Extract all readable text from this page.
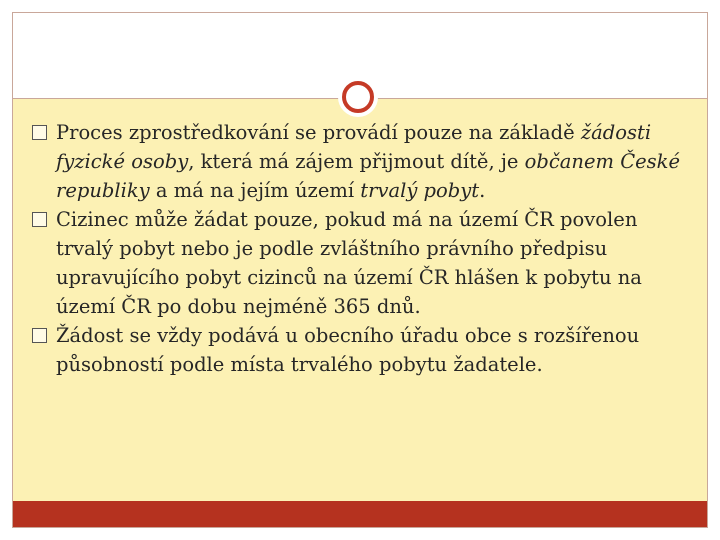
Proces zprostředkování se provádí pouze na základě žádosti fyzické osoby, která má zájem přijmout dítě, je občanem České republiky a má na jejím území trvalý pobyt.
Cizinec může žádat pouze, pokud má na území ČR povolen trvalý pobyt nebo je podle zvláštního právního předpisu upravujícího pobyt cizinců na území ČR hlášen k pobytu na území ČR po dobu nejméně 365 dnů.
Žádost se vždy podává u obecního úřadu obce s rozšířenou působností podle místa trvalého pobytu žadatele.
